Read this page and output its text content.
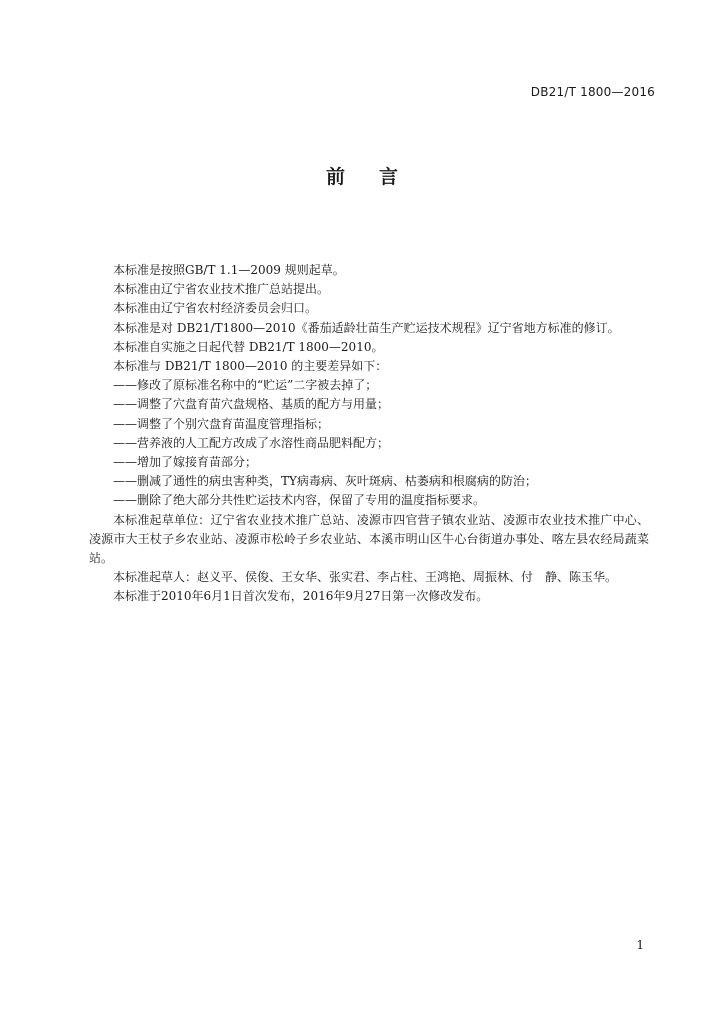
DB21/T 1800—2016
前 言

本标准是按照GB/T 1.1—2009 规则起草。

本标准由辽宁省农业技术推广总站提出。

本标准由辽宁省农村经济委员会归口。

本标准是对 DB21/T1800—2010《番茄适龄壮苗生产贮运技术规程》辽宁省地方标准的修订。

本标准自实施之日起代替 DB21/T 1800—2010。

本标准与 DB21/T 1800—2010 的主要差异如下：

——修改了原标准名称中的“贮运”二字被去掉了；

——调整了穴盘育苗穴盘规格、基质的配方与用量；

——调整了个别穴盘育苗温度管理指标；

——营养液的人工配方改成了水溶性商品肥料配方；

——增加了嫁接育苗部分；

——删减了通性的病虫害种类，TY病毒病、灰叶斑病、枯萎病和根腐病的防治；

——删除了绝大部分共性贮运技术内容，保留了专用的温度指标要求。

本标准起草单位：辽宁省农业技术推广总站、凌源市四官营子镇农业站、凌源市农业技术推广中心、凌源市大王杖子乡农业站、凌源市松岭子乡农业站、本溪市明山区牛心台街道办事处、喀左县农经局蔬菜站。

本标准起草人：赵义平、侯俊、王女华、张实君、李占柱、王鸿艳、周振林、付　静、陈玉华。

本标准于2010年6月1日首次发布，2016年9月27日第一次修改发布。

1
